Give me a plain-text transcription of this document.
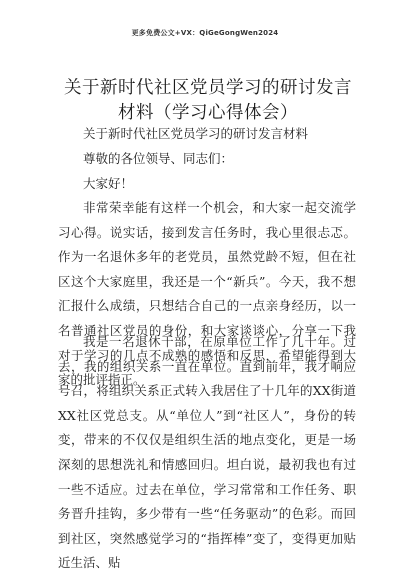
更多免费公文+VX：QiGeGongWen2024
关于新时代社区党员学习的研讨发言材料（学习心得体会）
关于新时代社区党员学习的研讨发言材料
尊敬的各位领导、同志们：
大家好！
非常荣幸能有这样一个机会，和大家一起交流学习心得。说实话，接到发言任务时，我心里很忐忑。作为一名退休多年的老党员，虽然党龄不短，但在社区这个大家庭里，我还是一个“新兵”。今天，我不想汇报什么成绩，只想结合自己的一点亲身经历，以一名普通社区党员的身份，和大家谈谈心，分享一下我对于学习的几点不成熟的感悟和反思，希望能得到大家的批评指正。
我是一名退休干部，在原单位工作了几十年。过去，我的组织关系一直在单位。直到前年，我才响应号召，将组织关系正式转入我居住了十几年的XX街道XX社区党总支。从“单位人”到“社区人”，身份的转变，带来的不仅仅是组织生活的地点变化，更是一场深刻的思想洗礼和情感回归。坦白说，最初我也有过一些不适应。过去在单位，学习常常和工作任务、职务晋升挂钩，多少带有一些“任务驱动”的色彩。而回到社区，突然感觉学习的“指挥棒”变了，变得更加贴近生活、贴
